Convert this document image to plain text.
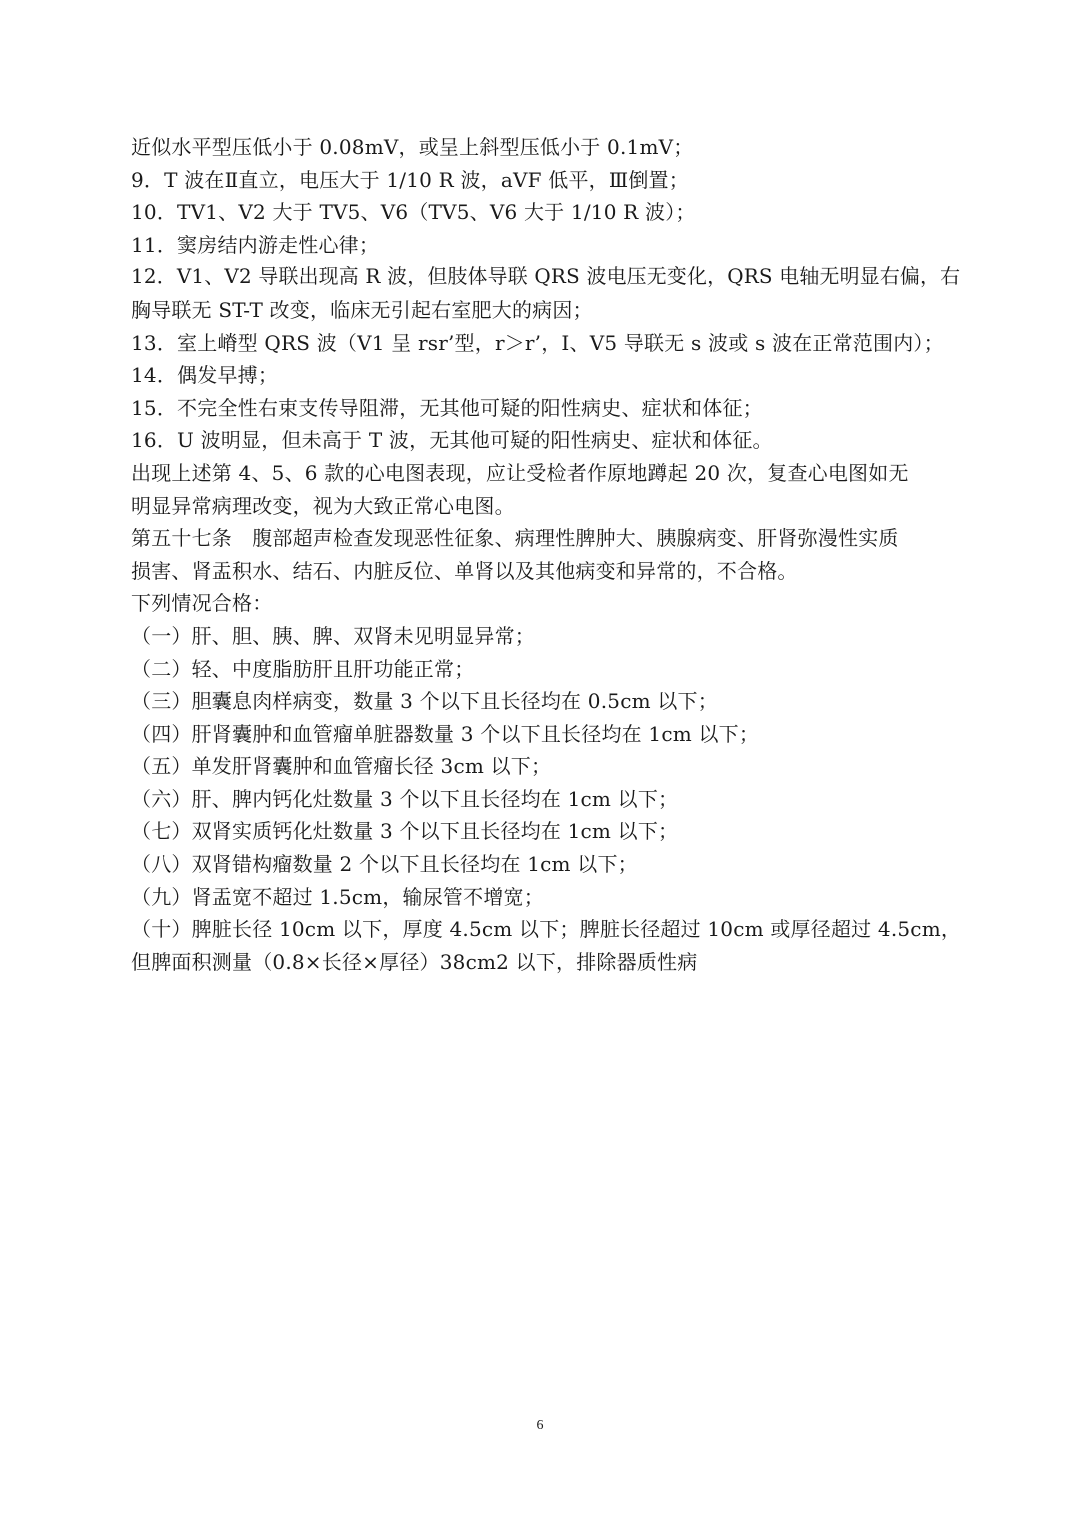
近似水平型压低小于 0.08mV，或呈上斜型压低小于 0.1mV；
9．T 波在Ⅱ直立，电压大于 1/10 R 波，aVF 低平，Ⅲ倒置；
10．TV1、V2 大于 TV5、V6（TV5、V6 大于 1/10 R 波）；
11．窦房结内游走性心律；
12．V1、V2 导联出现高 R 波，但肢体导联 QRS 波电压无变化，QRS 电轴无明显右偏，右
胸导联无 ST-T 改变，临床无引起右室肥大的病因；
13．室上嵴型 QRS 波（V1 呈 rsr’型，r＞r’，I、V5 导联无 s 波或 s 波在正常范围内）；
14．偶发早搏；
15．不完全性右束支传导阻滞，无其他可疑的阳性病史、症状和体征；
16．U 波明显，但未高于 T 波，无其他可疑的阳性病史、症状和体征。
出现上述第 4、5、6 款的心电图表现，应让受检者作原地蹲起 20 次，复查心电图如无
明显异常病理改变，视为大致正常心电图。
第五十七条　腹部超声检查发现恶性征象、病理性脾肿大、胰腺病变、肝肾弥漫性实质
损害、肾盂积水、结石、内脏反位、单肾以及其他病变和异常的，不合格。
下列情况合格：
（一）肝、胆、胰、脾、双肾未见明显异常；
（二）轻、中度脂肪肝且肝功能正常；
（三）胆囊息肉样病变，数量 3 个以下且长径均在 0.5cm 以下；
（四）肝肾囊肿和血管瘤单脏器数量 3 个以下且长径均在 1cm 以下；
（五）单发肝肾囊肿和血管瘤长径 3cm 以下；
（六）肝、脾内钙化灶数量 3 个以下且长径均在 1cm 以下；
（七）双肾实质钙化灶数量 3 个以下且长径均在 1cm 以下；
（八）双肾错构瘤数量 2 个以下且长径均在 1cm 以下；
（九）肾盂宽不超过 1.5cm，输尿管不增宽；
（十）脾脏长径 10cm 以下，厚度 4.5cm 以下；脾脏长径超过 10cm 或厚径超过 4.5cm，
但脾面积测量（0.8×长径×厚径）38cm2 以下，排除器质性病
6
